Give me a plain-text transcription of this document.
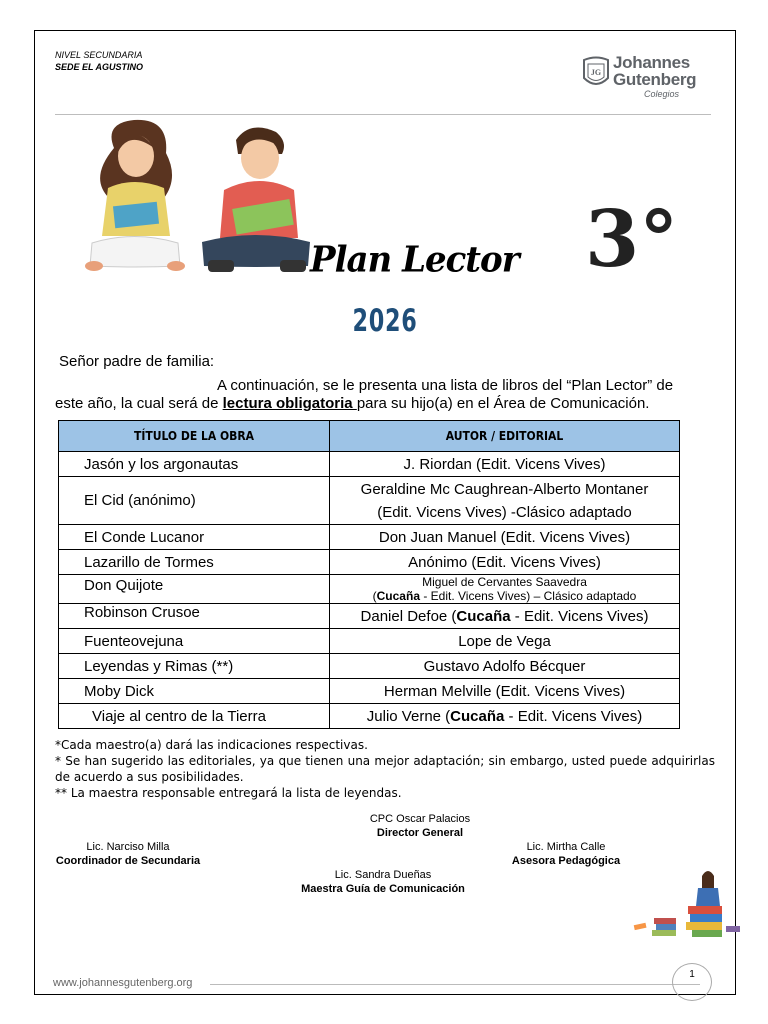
NIVEL SECUNDARIA
SEDE EL AGUSTINO
JG
Johannes
Gutenberg
Colegios
Plan Lector 3°
2026
Señor padre de familia:
A continuación, se le presenta una lista de libros del “Plan Lector” de este año, la cual será de lectura obligatoria para su hijo(a) en el Área de Comunicación.
TÍTULO DE LA OBRA	AUTOR / EDITORIAL
Jasón y los argonautas	J. Riordan (Edit. Vicens Vives)
El Cid (anónimo)	Geraldine Mc Caughrean-Alberto Montaner
(Edit. Vicens Vives) -Clásico adaptado

El Conde Lucanor	Don Juan Manuel (Edit. Vicens Vives)
Lazarillo de Tormes	Anónimo (Edit. Vicens Vives)
Don Quijote	Miguel de Cervantes Saavedra
(Cucaña - Edit. Vicens Vives) – Clásico adaptado

Robinson Crusoe	Daniel Defoe (Cucaña - Edit. Vicens Vives)
Fuenteovejuna	Lope de Vega
Leyendas y Rimas (**)	Gustavo Adolfo Bécquer
Moby Dick	Herman Melville (Edit. Vicens Vives)
Viaje al centro de la Tierra	Julio Verne (Cucaña - Edit. Vicens Vives)

*Cada maestro(a) dará las indicaciones respectivas.

* Se han sugerido las editoriales, ya que tienen una mejor adaptación; sin embargo, usted puede adquirirlas de acuerdo a sus posibilidades.

** La maestra responsable entregará la lista de leyendas.

CPC Oscar Palacios
Director General
Lic. Narciso Milla
Coordinador de Secundaria
Lic. Mirtha Calle
Asesora Pedagógica
Lic. Sandra Dueñas
Maestra Guía de Comunicación
www.johannesgutenberg.org
1
